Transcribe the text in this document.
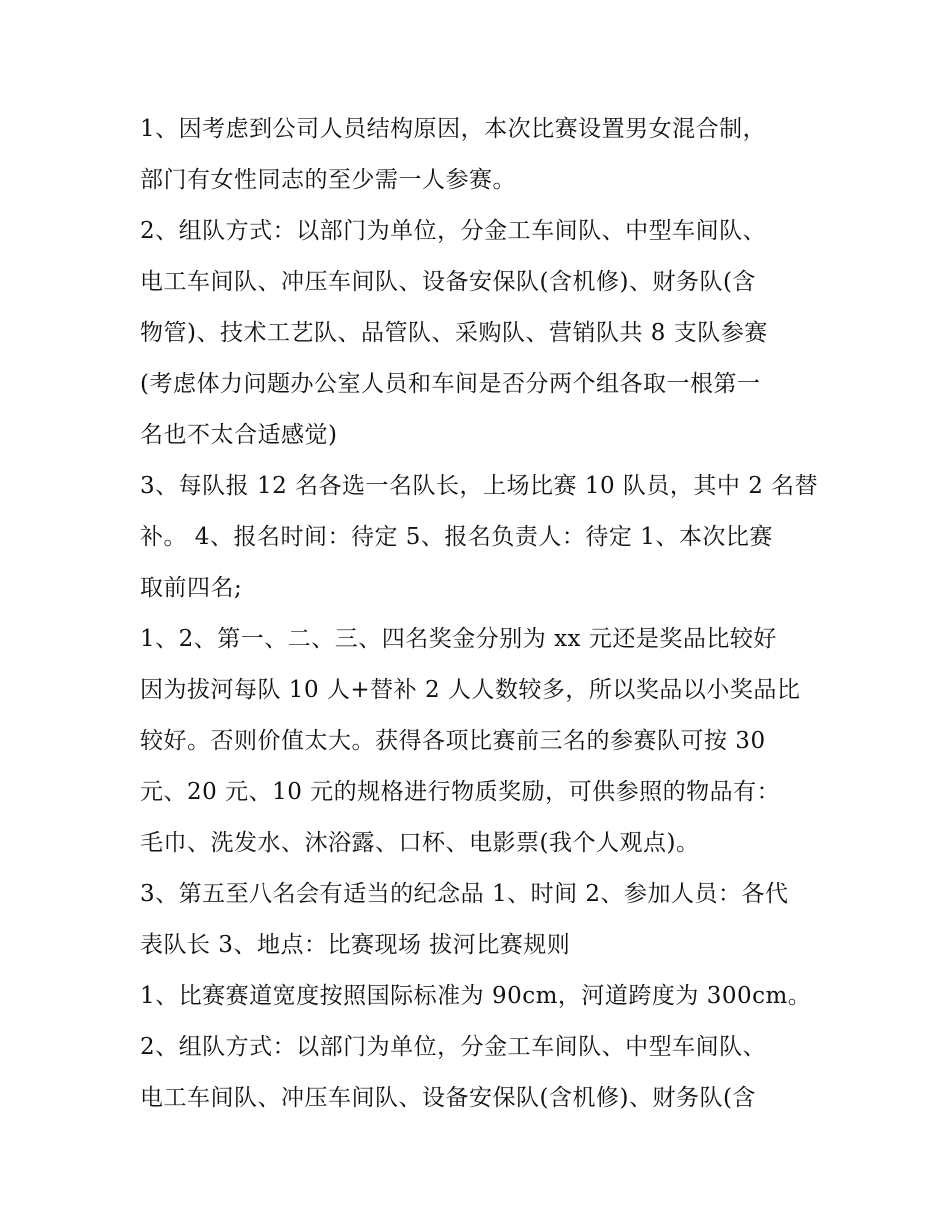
1、因考虑到公司人员结构原因，本次比赛设置男女混合制，
部门有女性同志的至少需一人参赛。
2、组队方式：以部门为单位，分金工车间队、中型车间队、
电工车间队、冲压车间队、设备安保队(含机修)、财务队(含
物管)、技术工艺队、品管队、采购队、营销队共 8 支队参赛
(考虑体力问题办公室人员和车间是否分两个组各取一根第一
名也不太合适感觉)
3、每队报 12 名各选一名队长，上场比赛 10 队员，其中 2 名替
补。 4、报名时间：待定 5、报名负责人：待定 1、本次比赛
取前四名;
1、2、第一、二、三、四名奖金分别为 xx 元还是奖品比较好
因为拔河每队 10 人+替补 2 人人数较多，所以奖品以小奖品比
较好。否则价值太大。获得各项比赛前三名的参赛队可按 30
元、20 元、10 元的规格进行物质奖励，可供参照的物品有：
毛巾、洗发水、沐浴露、口杯、电影票(我个人观点)。
3、第五至八名会有适当的纪念品 1、时间 2、参加人员：各代
表队长 3、地点：比赛现场 拔河比赛规则
1、比赛赛道宽度按照国际标准为 90cm，河道跨度为 300cm。
2、组队方式：以部门为单位，分金工车间队、中型车间队、
电工车间队、冲压车间队、设备安保队(含机修)、财务队(含
